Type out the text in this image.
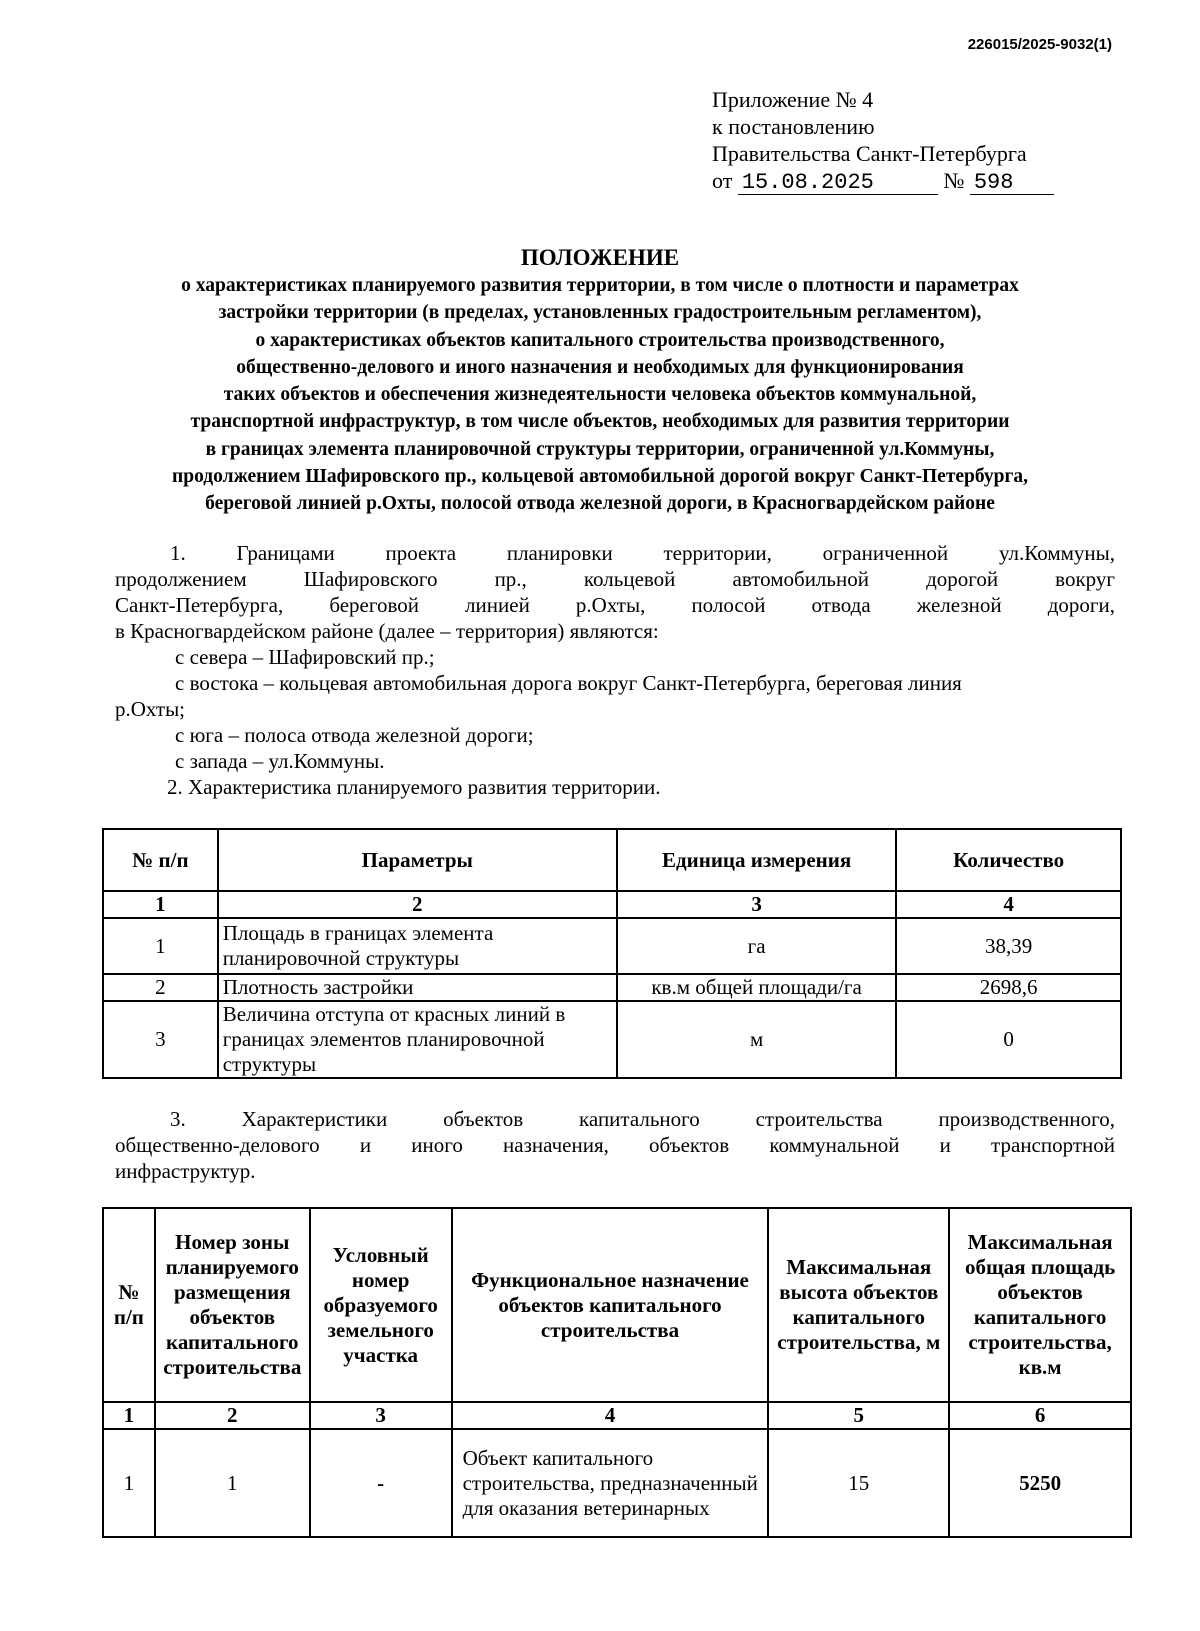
226015/2025-9032(1)
Приложение № 4
к постановлению
Правительства Санкт-Петербурга
от 15.08.2025	№ 598
ПОЛОЖЕНИЕ
о характеристиках планируемого развития территории, в том числе о плотности и параметрах
застройки территории (в пределах, установленных градостроительным регламентом),
о характеристиках объектов капитального строительства производственного,
общественно-делового и иного назначения и необходимых для функционирования
таких объектов и обеспечения жизнедеятельности человека объектов коммунальной,
транспортной инфраструктур, в том числе объектов, необходимых для развития территории
в границах элемента планировочной структуры территории, ограниченной ул.Коммуны,
продолжением Шафировского пр., кольцевой автомобильной дорогой вокруг Санкт-Петербурга,
береговой линией р.Охты, полосой отвода железной дороги, в Красногвардейском районе
1. Границами проекта планировки территории, ограниченной ул.Коммуны,
продолжением Шафировского пр., кольцевой автомобильной дорогой вокруг
Санкт-Петербурга, береговой линией р.Охты, полосой отвода железной дороги,
в Красногвардейском районе (далее – территория) являются:
с севера – Шафировский пр.;
с востока – кольцевая автомобильная дорога вокруг Санкт-Петербурга, береговая линия
р.Охты;
с юга – полоса отвода железной дороги;
с запада – ул.Коммуны.
2. Характеристика планируемого развития территории.
№ п/п	Параметры	Единица измерения	Количество
1	2	3	4
1	Площадь в границах элемента планировочной структуры	га	38,39
2	Плотность застройки	кв.м общей площади/га	2698,6
3	Величина отступа от красных линий в границах элементов планировочной структуры	м	0
3. Характеристики объектов капитального строительства производственного,
общественно-делового и иного назначения, объектов коммунальной и транспортной
инфраструктур.
№ п/п	Номер зоны планируемого размещения объектов капитального строительства	Условный номер образуемого земельного участка	Функциональное назначение объектов капитального строительства	Максимальная высота объектов капитального строительства, м	Максимальная общая площадь объектов капитального строительства, кв.м
1	2	3	4	5	6
1	1	-	Объект капитального строительства, предназначенный для оказания ветеринарных	15	5250
